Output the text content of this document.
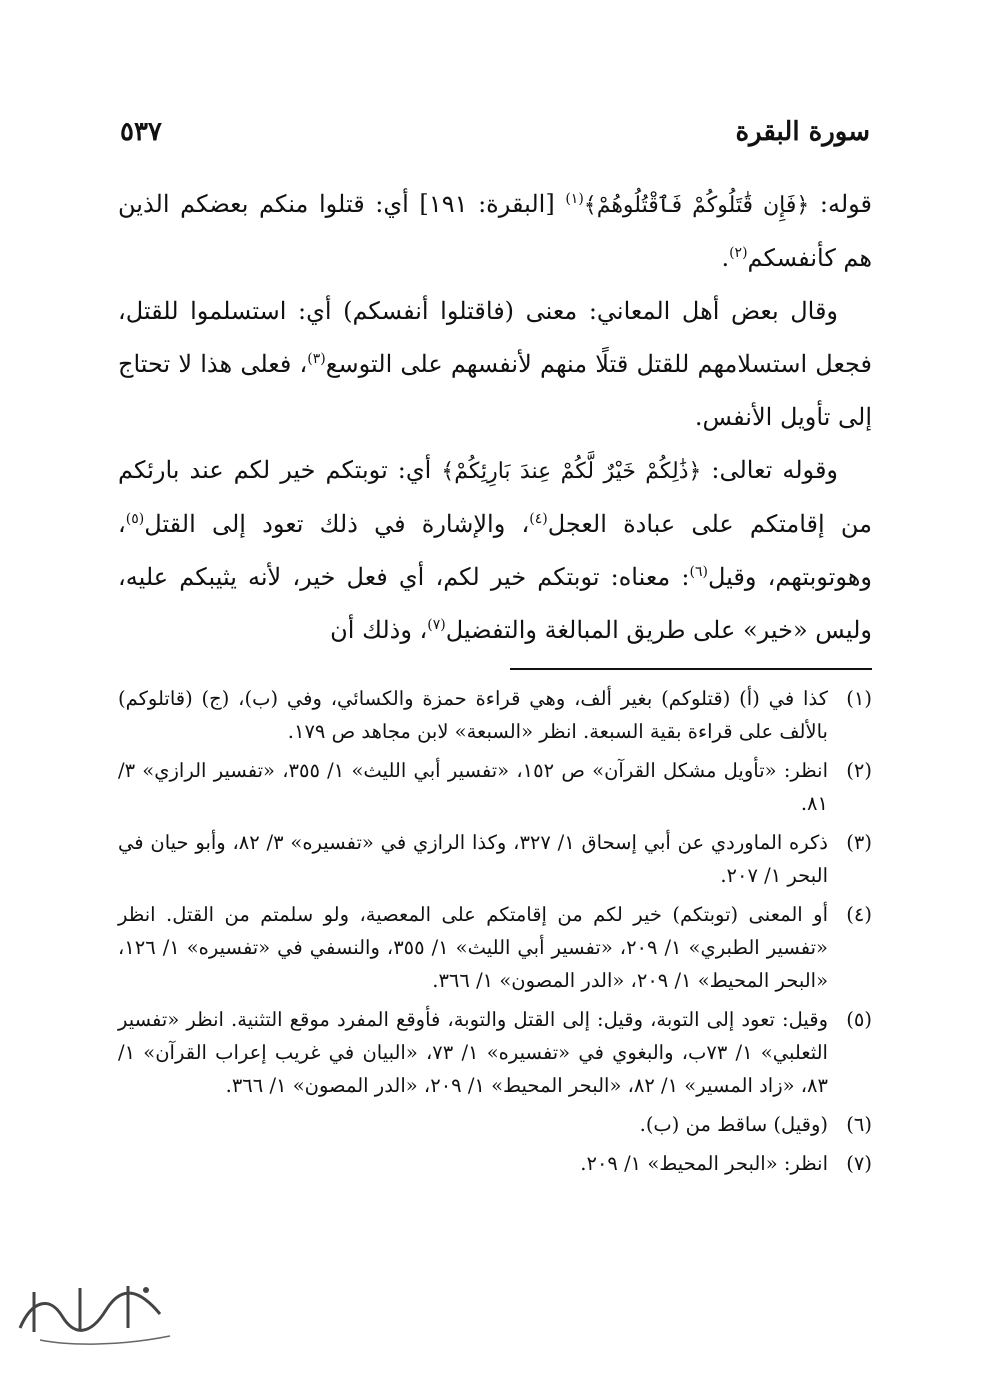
سورة البقرة
٥٣٧

قوله: ﴿فَإِن قَٰتَلُوكُمْ فَٱقْتُلُوهُمْ﴾$^{(١)}$ [البقرة: ١٩١] أي: قتلوا منكم بعضكم الذين هم كأنفسكم$^{(٢)}$.

وقال بعض أهل المعاني: معنى (فاقتلوا أنفسكم) أي: استسلموا للقتل، فجعل استسلامهم للقتل قتلًا منهم لأنفسهم على التوسع$^{(٣)}$، فعلى هذا لا تحتاج إلى تأويل الأنفس.

وقوله تعالى: ﴿ذَٰلِكُمْ خَيْرٌ لَّكُمْ عِندَ بَارِئِكُمْ﴾ أي: توبتكم خير لكم عند بارئكم من إقامتكم على عبادة العجل$^{(٤)}$، والإشارة في ذلك تعود إلى القتل$^{(٥)}$، وهوتوبتهم، وقيل$^{(٦)}$: معناه: توبتكم خير لكم، أي فعل خير، لأنه يثيبكم عليه، وليس «خير» على طريق المبالغة والتفضيل$^{(٧)}$، وذلك أن

(١)
كذا في (أ) (قتلوكم) بغير ألف، وهي قراءة حمزة والكسائي، وفي (ب)، (ج) (قاتلوكم) بالألف على قراءة بقية السبعة. انظر «السبعة» لابن مجاهد ص ١٧٩.
(٢)
انظر: «تأويل مشكل القرآن» ص ١٥٢، «تفسير أبي الليث» ١/ ٣٥٥، «تفسير الرازي» ٣/ ٨١.
(٣)
ذكره الماوردي عن أبي إسحاق ١/ ٣٢٧، وكذا الرازي في «تفسيره» ٣/ ٨٢، وأبو حيان في البحر ١/ ٢٠٧.
(٤)
أو المعنى (توبتكم) خير لكم من إقامتكم على المعصية، ولو سلمتم من القتل. انظر «تفسير الطبري» ١/ ٢٠٩، «تفسير أبي الليث» ١/ ٣٥٥، والنسفي في «تفسيره» ١/ ١٢٦، «البحر المحيط» ١/ ٢٠٩، «الدر المصون» ١/ ٣٦٦.
(٥)
وقيل: تعود إلى التوبة، وقيل: إلى القتل والتوبة، فأوقع المفرد موقع التثنية. انظر «تفسير الثعلبي» ١/ ٧٣ب، والبغوي في «تفسيره» ١/ ٧٣، «البيان في غريب إعراب القرآن» ١/ ٨٣، «زاد المسير» ١/ ٨٢، «البحر المحيط» ١/ ٢٠٩، «الدر المصون» ١/ ٣٦٦.
(٦)
(وقيل) ساقط من (ب).
(٧)
انظر: «البحر المحيط» ١/ ٢٠٩.
